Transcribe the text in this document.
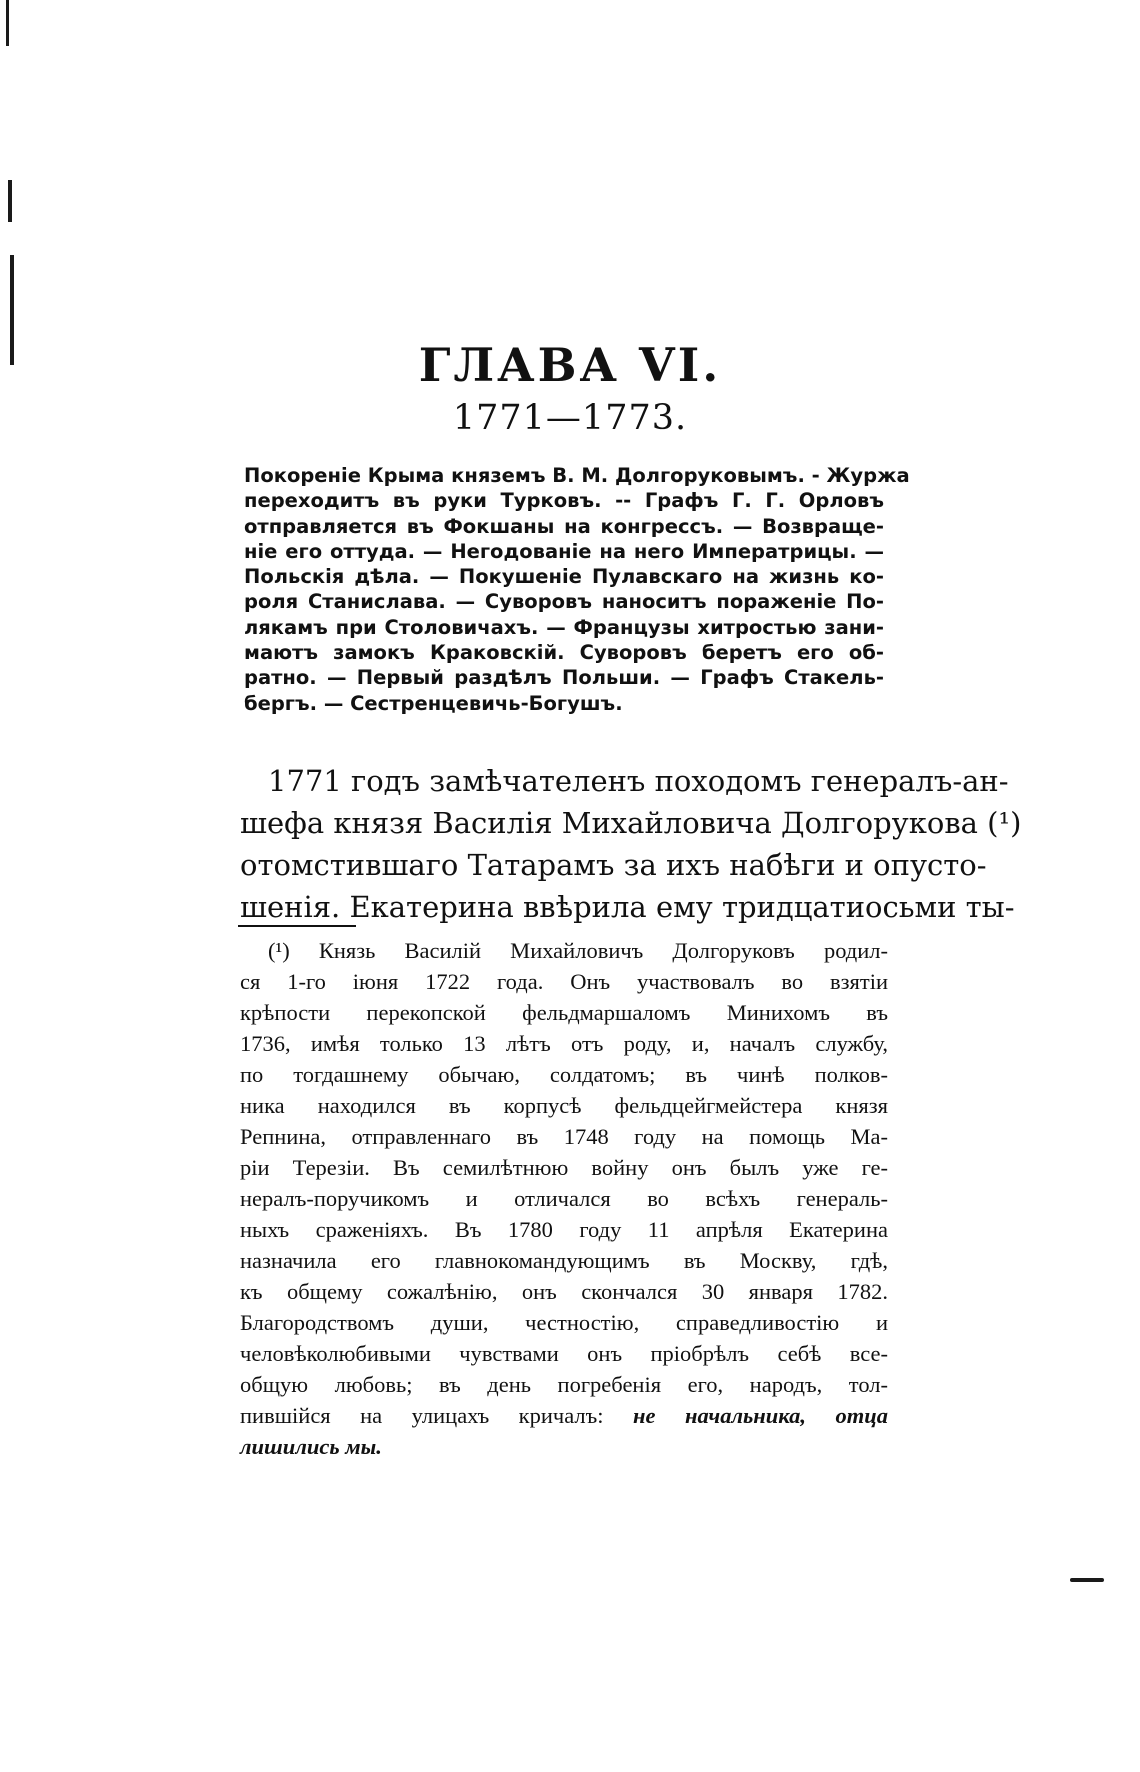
ГЛАВА VI.
1771—1773.
Покореніе Крыма княземъ В. М. Долгоруковымъ. - Журжа
переходитъ въ руки Турковъ. -- Графъ Г. Г. Орловъ
отправляется въ Фокшаны на конгрессъ. — Возвраще-
ніе его оттуда. — Негодованіе на него Императрицы. —
Польскія дѣла. — Покушеніе Пулавскаго на жизнь ко-
роля Станислава. — Суворовъ наноситъ пораженіе По-
лякамъ при Столовичахъ. — Французы хитростью зани-
маютъ замокъ Краковскій. Суворовъ беретъ его об-
ратно. — Первый раздѣлъ Польши. — Графъ Стакель-
бергъ. — Сестренцевичь-Богушъ.
1771 годъ замѣчателенъ походомъ генералъ-ан-
шефа князя Василія Михайловича Долгорукова (¹)
отомстившаго Татарамъ за ихъ набѣги и опусто-
шенія. Екатерина ввѣрила ему тридцатиосьми ты-
(¹) Князь Василій Михайловичъ Долгоруковъ родил-
ся 1-го іюня 1722 года. Онъ участвовалъ во взятіи
крѣпости перекопской фельдмаршаломъ Минихомъ въ
1736, имѣя только 13 лѣтъ отъ роду, и, началъ службу,
по тогдашнему обычаю, солдатомъ; въ чинѣ полков-
ника находился въ корпусѣ фельдцейгмейстера князя
Репнина, отправленнаго въ 1748 году на помощь Ма-
ріи Терезіи. Въ семилѣтнюю войну онъ былъ уже ге-
нералъ-поручикомъ и отличался во всѣхъ генераль-
ныхъ сраженіяхъ. Въ 1780 году 11 апрѣля Екатерина
назначила его главнокомандующимъ въ Москву, гдѣ,
къ общему сожалѣнію, онъ скончался 30 января 1782.
Благородствомъ души, честностію, справедливостію и
человѣколюбивыми чувствами онъ пріобрѣлъ себѣ все-
общую любовь; въ день погребенія его, народъ, тол-
пившійся на улицахъ кричалъ: не начальника, отца
лишились мы.
